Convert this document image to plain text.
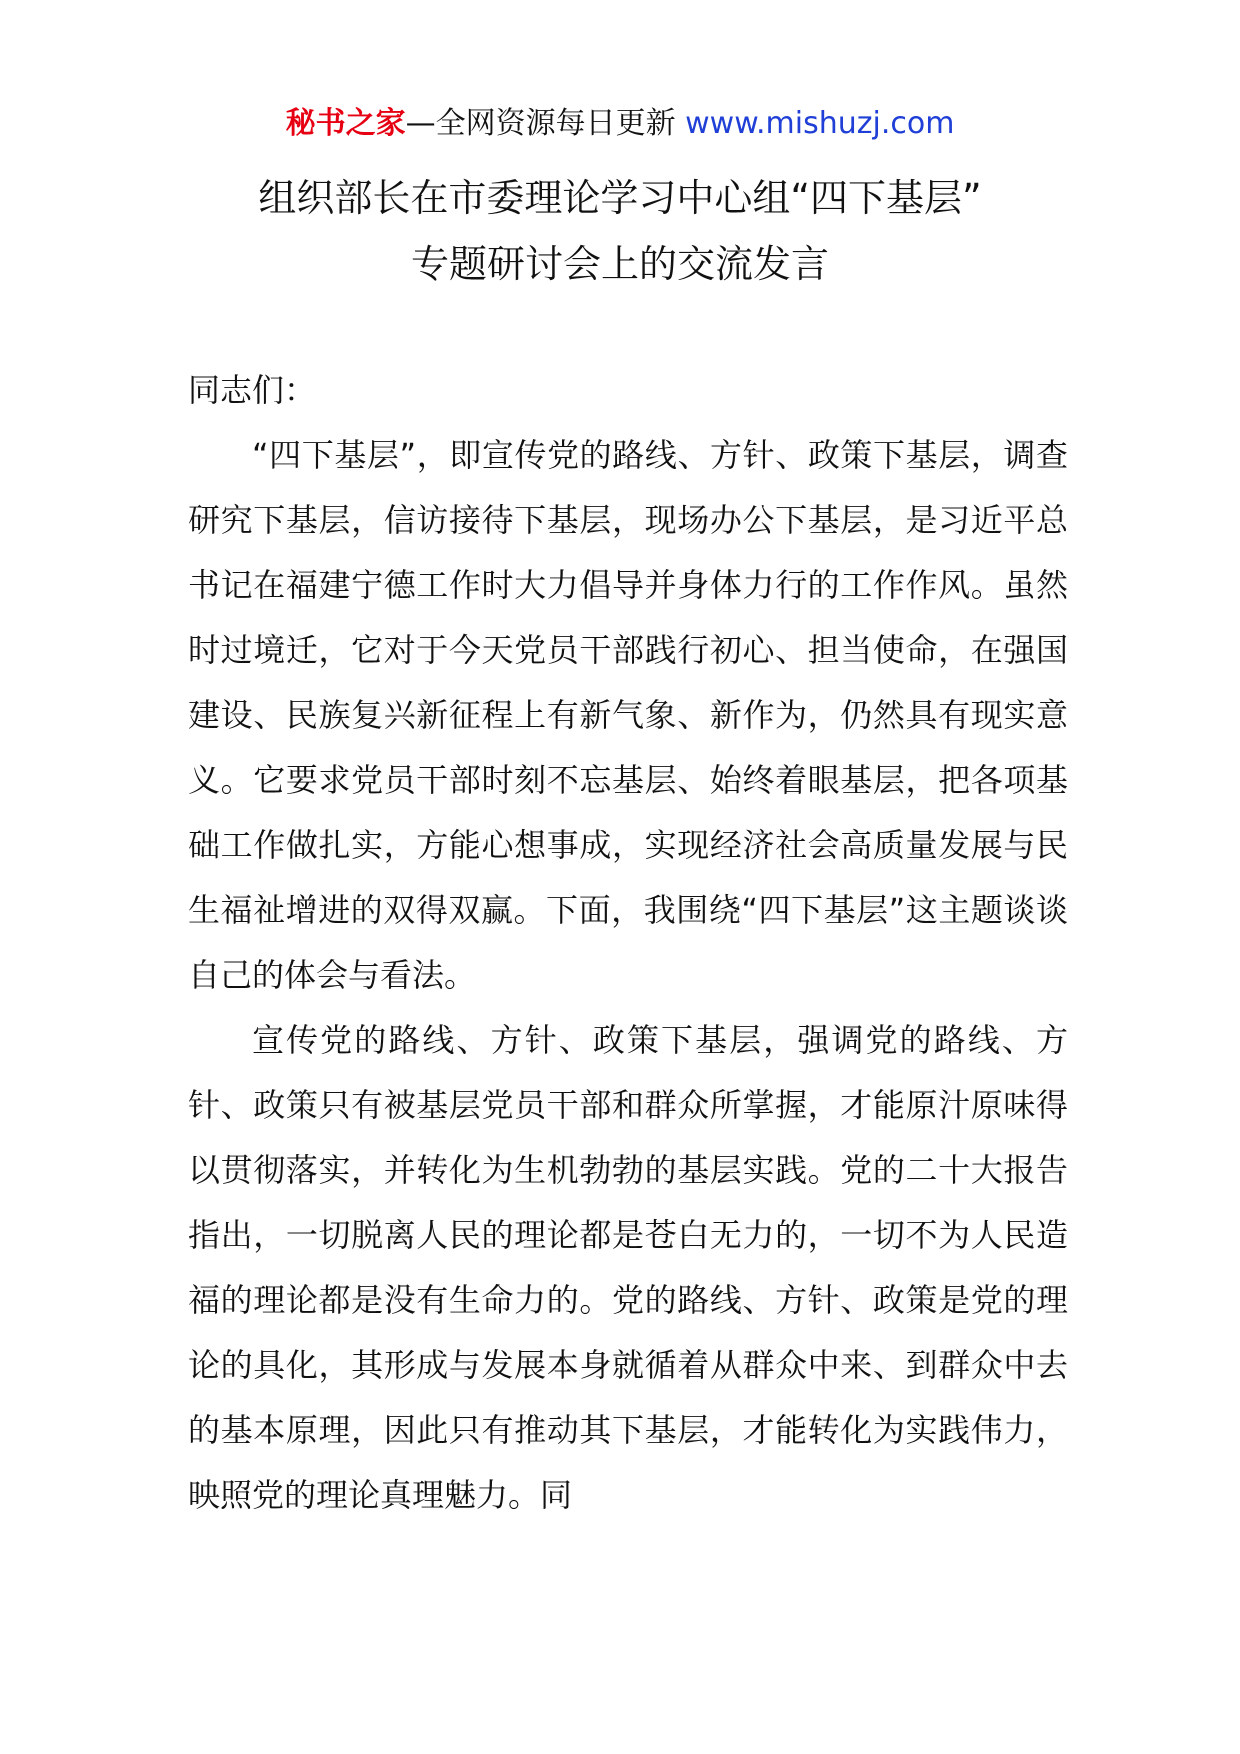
秘书之家—全网资源每日更新 www.mishuzj.com
组织部长在市委理论学习中心组“四下基层”
专题研讨会上的交流发言

同志们：

“四下基层”，即宣传党的路线、方针、政策下基层，调查研究下基层，信访接待下基层，现场办公下基层，是习近平总书记在福建宁德工作时大力倡导并身体力行的工作作风。虽然时过境迁，它对于今天党员干部践行初心、担当使命，在强国建设、民族复兴新征程上有新气象、新作为，仍然具有现实意义。它要求党员干部时刻不忘基层、始终着眼基层，把各项基础工作做扎实，方能心想事成，实现经济社会高质量发展与民生福祉增进的双得双赢。下面，我围绕“四下基层”这主题谈谈自己的体会与看法。

宣传党的路线、方针、政策下基层，强调党的路线、方针、政策只有被基层党员干部和群众所掌握，才能原汁原味得以贯彻落实，并转化为生机勃勃的基层实践。党的二十大报告指出，一切脱离人民的理论都是苍白无力的，一切不为人民造福的理论都是没有生命力的。党的路线、方针、政策是党的理论的具化，其形成与发展本身就循着从群众中来、到群众中去的基本原理，因此只有推动其下基层，才能转化为实践伟力，映照党的理论真理魅力。同
